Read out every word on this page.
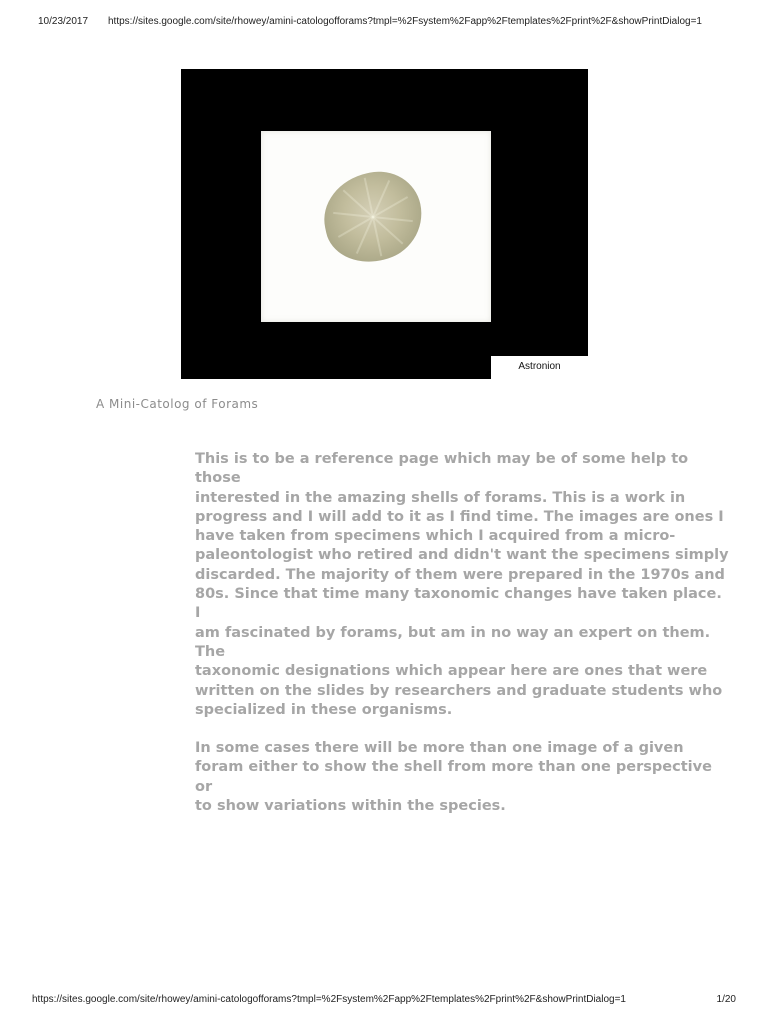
10/23/2017 https://sites.google.com/site/rhowey/amini-catologofforams?tmpl=%2Fsystem%2Fapp%2Ftemplates%2Fprint%2F&showPrintDialog=1
Astronion
A Mini-Catolog of Forams

This is to be a reference page which may be of some help to those
interested in the amazing shells of forams. This is a work in
progress and I will add to it as I find time. The images are ones I
have taken from specimens which I acquired from a micro-
paleontologist who retired and didn't want the specimens simply
discarded. The majority of them were prepared in the 1970s and
80s. Since that time many taxonomic changes have taken place. I
am fascinated by forams, but am in no way an expert on them. The
taxonomic designations which appear here are ones that were
written on the slides by researchers and graduate students who
specialized in these organisms.

In some cases there will be more than one image of a given
foram either to show the shell from more than one perspective or
to show variations within the species.

https://sites.google.com/site/rhowey/amini-catologofforams?tmpl=%2Fsystem%2Fapp%2Ftemplates%2Fprint%2F&showPrintDialog=1	1/20
